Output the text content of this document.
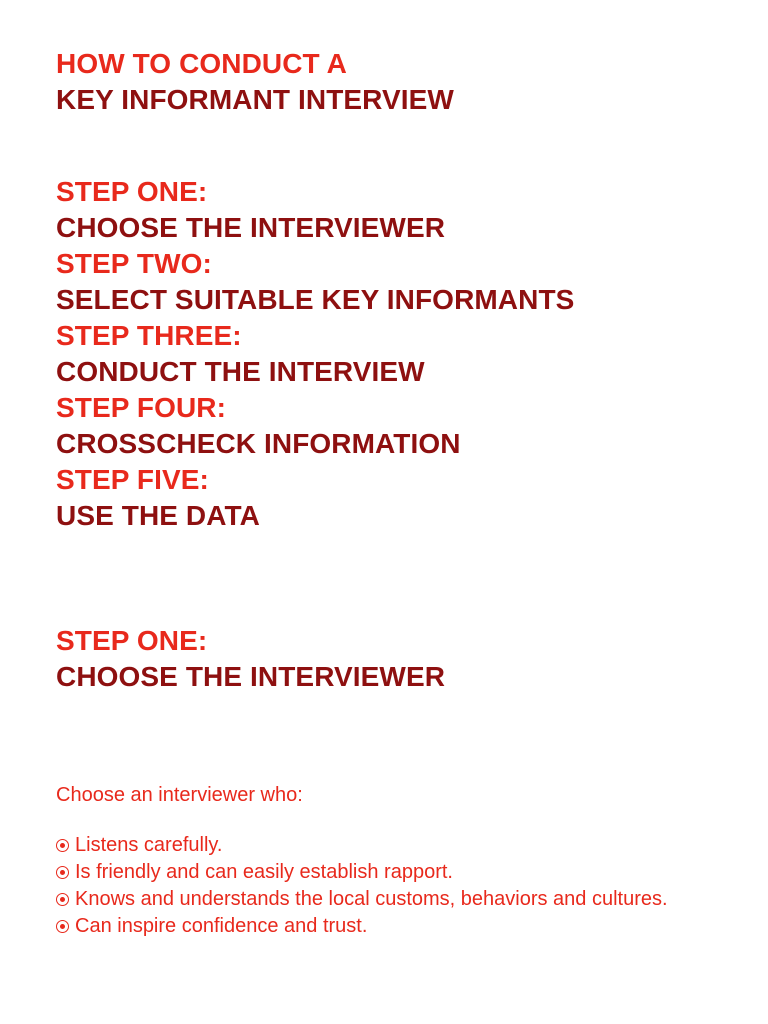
HOW TO CONDUCT A

KEY INFORMANT INTERVIEW

STEP ONE:

CHOOSE THE INTERVIEWER

STEP TWO:

SELECT SUITABLE KEY INFORMANTS

STEP THREE:

CONDUCT THE INTERVIEW

STEP FOUR:

CROSSCHECK INFORMATION

STEP FIVE:

USE THE DATA

STEP ONE:

CHOOSE THE INTERVIEWER

Choose an interviewer who:
Listens carefully.
Is friendly and can easily establish rapport.
Knows and understands the local customs, behaviors and cultures.
Can inspire confidence and trust.
